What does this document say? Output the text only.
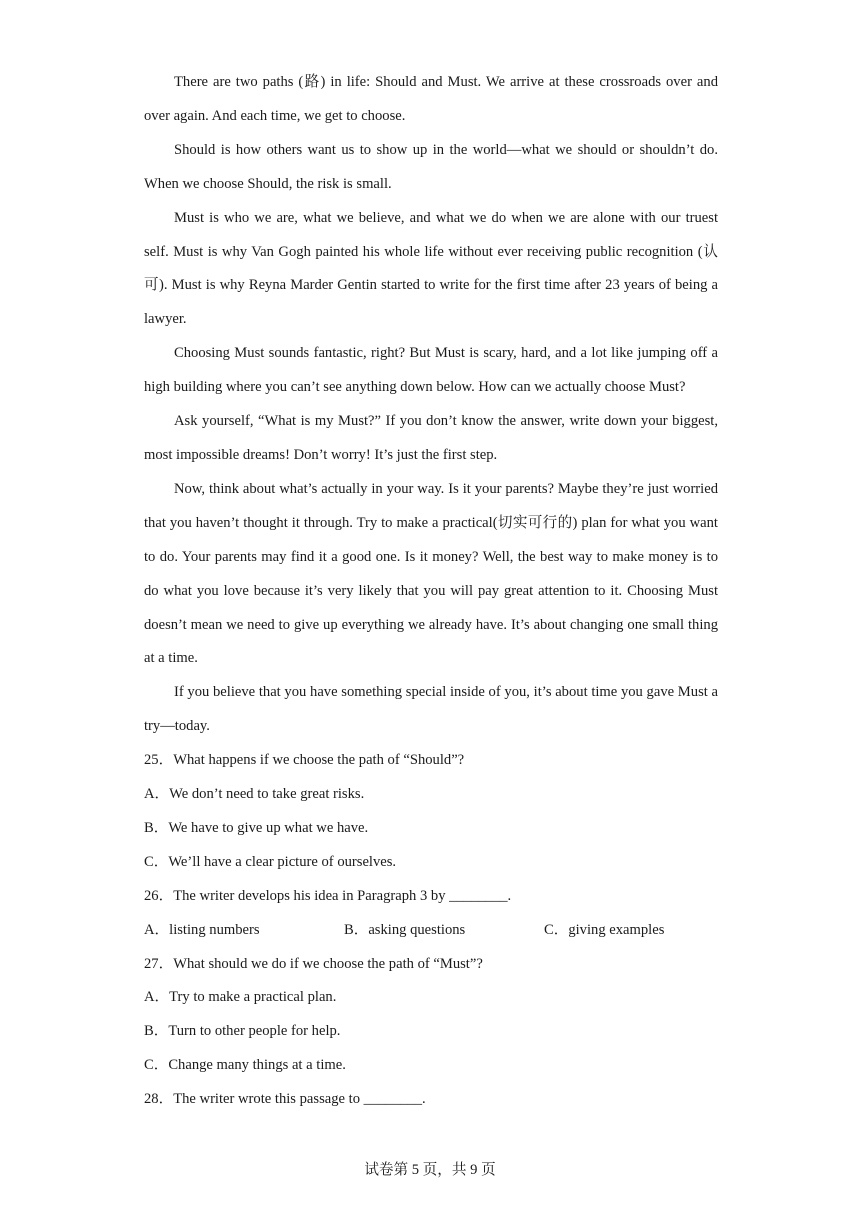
There are two paths (路) in life: Should and Must. We arrive at these crossroads over and over again. And each time, we get to choose.

Should is how others want us to show up in the world—what we should or shouldn’t do. When we choose Should, the risk is small.

Must is who we are, what we believe, and what we do when we are alone with our truest self. Must is why Van Gogh painted his whole life without ever receiving public recognition (认可). Must is why Reyna Marder Gentin started to write for the first time after 23 years of being a lawyer.

Choosing Must sounds fantastic, right? But Must is scary, hard, and a lot like jumping off a high building where you can’t see anything down below. How can we actually choose Must?

Ask yourself, “What is my Must?” If you don’t know the answer, write down your biggest, most impossible dreams! Don’t worry! It’s just the first step.

Now, think about what’s actually in your way. Is it your parents? Maybe they’re just worried that you haven’t thought it through. Try to make a practical(切实可行的) plan for what you want to do. Your parents may find it a good one. Is it money? Well, the best way to make money is to do what you love because it’s very likely that you will pay great attention to it. Choosing Must doesn’t mean we need to give up everything we already have. It’s about changing one small thing at a time.

If you believe that you have something special inside of you, it’s about time you gave Must a try—today.

25．What happens if we choose the path of “Should”?

A．We don’t need to take great risks.

B．We have to give up what we have.

C．We’ll have a clear picture of ourselves.

26．The writer develops his idea in Paragraph 3 by ________.

A．listing numbers	B．asking questions	C．giving examples

27．What should we do if we choose the path of “Must”?

A．Try to make a practical plan.

B．Turn to other people for help.

C．Change many things at a time.

28．The writer wrote this passage to ________.

试卷第 5 页，共 9 页
